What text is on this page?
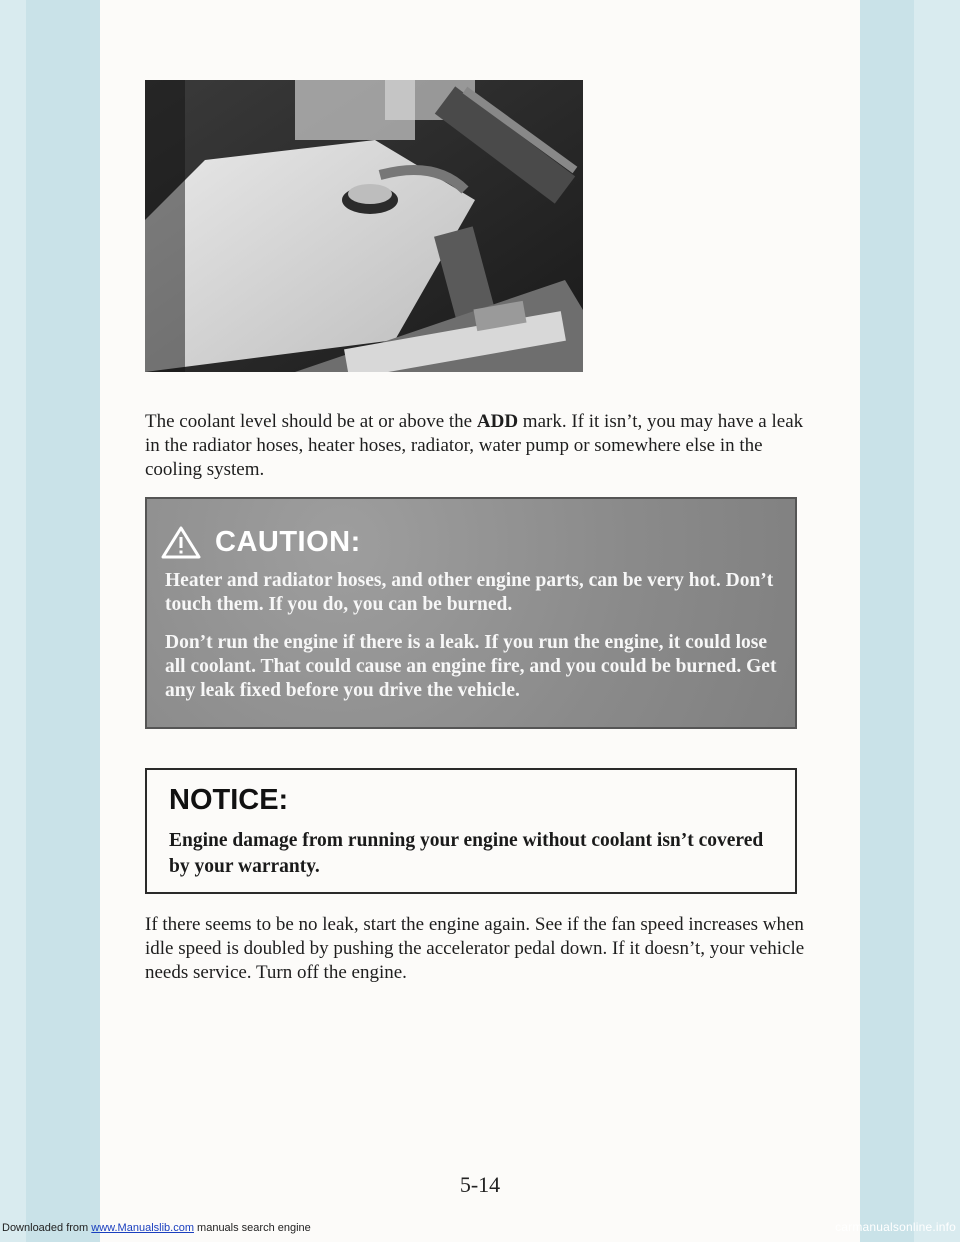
The coolant level should be at or above the ADD mark. If it isn’t, you may have a leak in the radiator hoses, heater hoses, radiator, water pump or somewhere else in the cooling system.

CAUTION:

Heater and radiator hoses, and other engine parts, can be very hot. Don’t touch them. If you do, you can be burned.

Don’t run the engine if there is a leak. If you run the engine, it could lose all coolant. That could cause an engine fire, and you could be burned. Get any leak fixed before you drive the vehicle.

NOTICE:

Engine damage from running your engine without coolant isn’t covered by your warranty.

If there seems to be no leak, start the engine again. See if the fan speed increases when idle speed is doubled by pushing the accelerator pedal down. If it doesn’t, your vehicle needs service. Turn off the engine.

5-14
Downloaded from www.Manualslib.com manuals search engine	carmanualsonline.info
